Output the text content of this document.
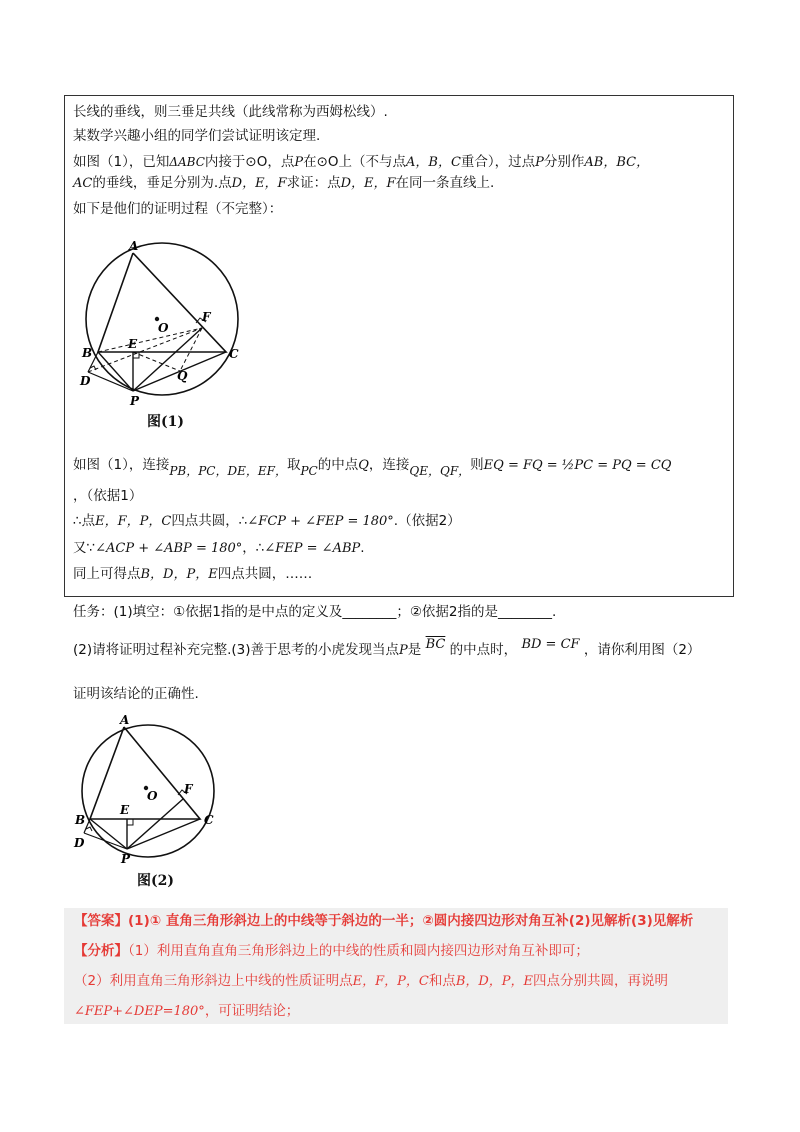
长线的垂线，则三垂足共线（此线常称为西姆松线）.
某数学兴趣小组的同学们尝试证明该定理.
如图（1），已知ΔABC内接于⊙O，点P在⊙O上（不与点A，B，C重合），过点P分别作AB，BC，
AC的垂线，垂足分别为.点D，E，F求证：点D，E，F在同一条直线上.
如下是他们的证明过程（不完整）：
A
B	C
D
E
F
O
P
Q
图(1)
如图（1），连接PB，PC，DE，EF，取PC的中点Q，连接QE，QF，则EQ = FQ = ½PC = PQ = CQ
，（依据1）
∴点E，F，P，C四点共圆，∴∠FCP + ∠FEP = 180°.（依据2）
又∵∠ACP + ∠ABP = 180°，∴∠FEP = ∠ABP.
同上可得点B，D，P，E四点共圆，……
任务：(1)填空：①依据1指的是中点的定义及________；②依据2指的是________.
(2)请将证明过程补充完整.(3)善于思考的小虎发现当点P是 $\overline{BC}$ 的中点时， BD = CF ，请你利用图（2）
证明该结论的正确性.
A
B	C
D
E
F
O
P
图(2)
【答案】(1)① 直角三角形斜边上的中线等于斜边的一半；②圆内接四边形对角互补(2)见解析(3)见解析
【分析】（1）利用直角直角三角形斜边上的中线的性质和圆内接四边形对角互补即可；
（2）利用直角三角形斜边上中线的性质证明点E，F，P，C和点B，D，P，E四点分别共圆，再说明
∠FEP+∠DEP=180°，可证明结论；
